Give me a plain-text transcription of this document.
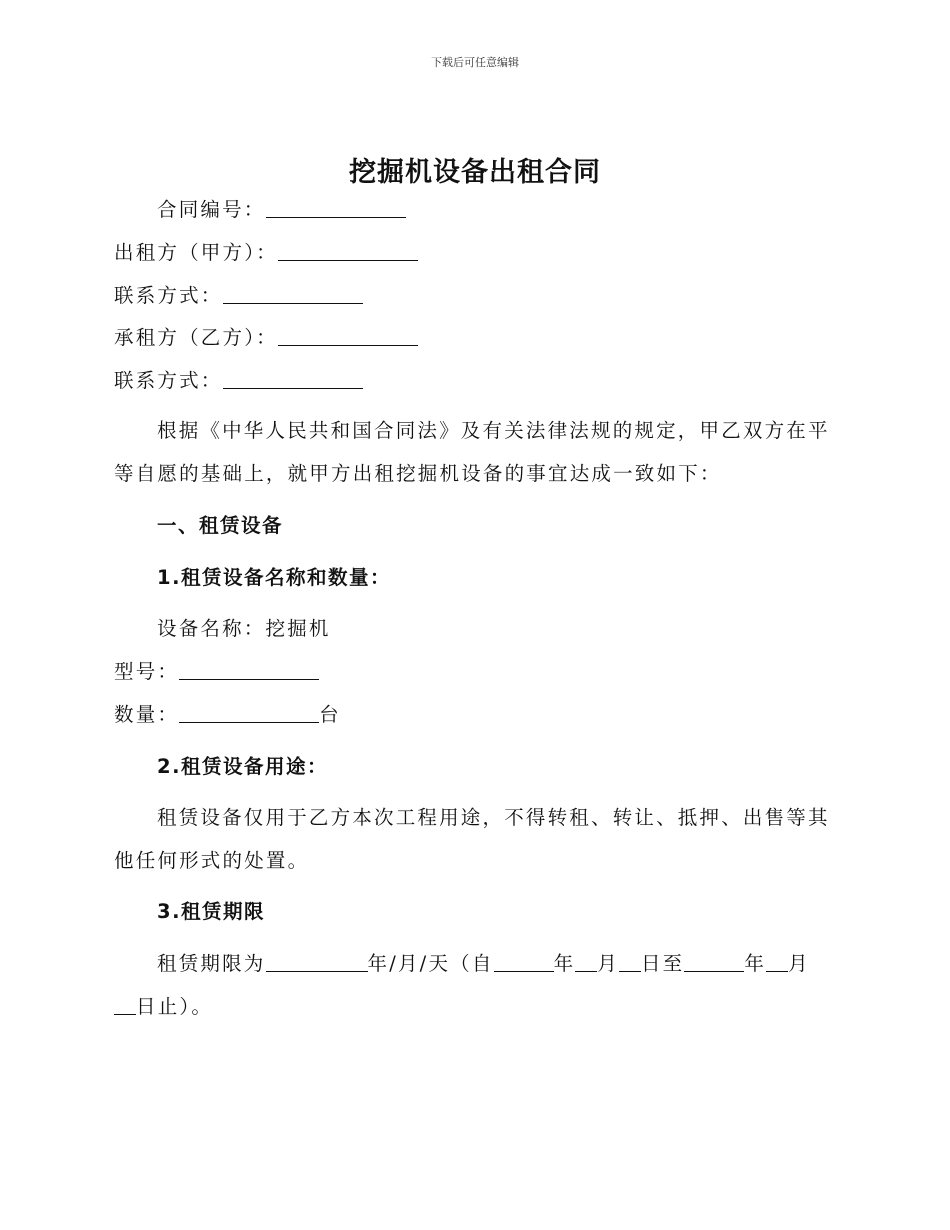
下载后可任意编辑
挖掘机设备出租合同
合同编号：
出租方（甲方）：
联系方式：
承租方（乙方）：
联系方式：
根据《中华人民共和国合同法》及有关法律法规的规定，甲乙双方在平
等自愿的基础上，就甲方出租挖掘机设备的事宜达成一致如下：
一、租赁设备
1.租赁设备名称和数量：
设备名称：挖掘机
型号：
数量：	台
2.租赁设备用途：
租赁设备仅用于乙方本次工程用途，不得转租、转让、抵押、出售等其
他任何形式的处置。
3.租赁期限
租赁期限为	年/月/天（自	年 月 日至	年 月
日止）。
